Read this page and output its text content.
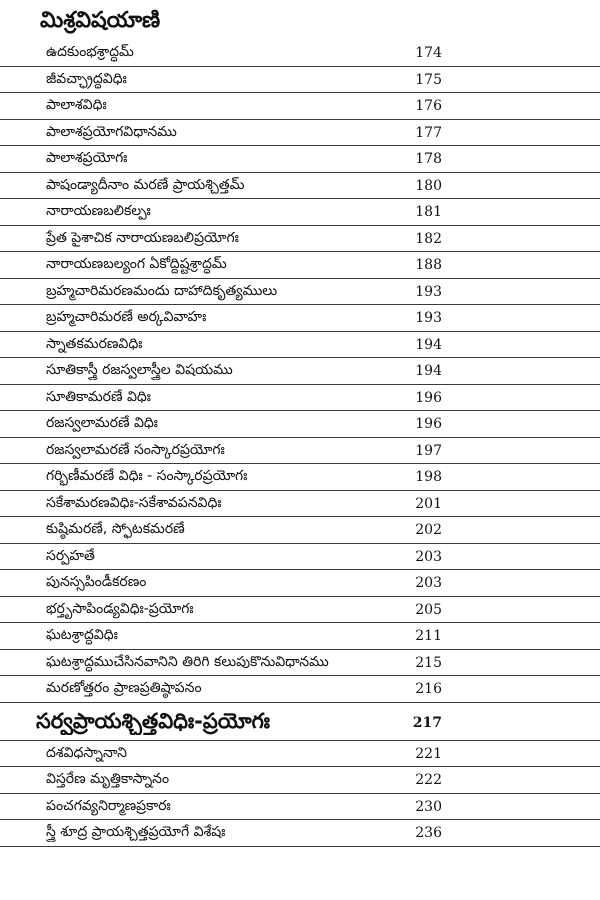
మిశ్రవిషయాణి
ఉదకుంభశ్రాద్ధమ్	174
జీవచ్ఛ్రాద్ధవిధిః	175
పాలాశవిధిః	176
పాలాశప్రయోగవిధానము	177
పాలాశప్రయోగః	178
పాషండ్యాదీనాం మరణే ప్రాయశ్చిత్తమ్	180
నారాయణబలికల్పః	181
ప్రేత పైశాచిక నారాయణబలిప్రయోగః	182
నారాయణబల్యంగ ఏకోద్దిష్టశ్రాద్ధమ్	188
బ్రహ్మచారిమరణమందు దాహాదికృత్యములు	193
బ్రహ్మచారిమరణే అర్కవివాహః	193
స్నాతకమరణవిధిః	194
సూతికాస్త్రీ రజస్వలాస్త్రీల విషయము	194
సూతికామరణే విధిః	196
రజస్వలామరణే విధిః	196
రజస్వలామరణే సంస్కారప్రయోగః	197
గర్భిణీమరణే విధిః - సంస్కారప్రయోగః	198
సకేశామరణవిధిః-సకేశావపనవిధిః	201
కుష్ఠిమరణే, స్ఫోటకమరణే	202
సర్పహతే	203
పునస్సపిండీకరణం	203
భర్తృసాపిండ్యవిధిః-ప్రయోగః	205
ఘటశ్రాద్ధవిధిః	211
ఘటశ్రాద్ధముచేసినవానిని తిరిగి కలుపుకొనువిధానము	215
మరణోత్తరం ప్రాణప్రతిష్ఠాపనం	216
సర్వప్రాయశ్చిత్తవిధిః-ప్రయోగః	217
దశవిధస్నానాని	221
విస్తరేణ మృత్తికాస్నానం	222
పంచగవ్యనిర్మాణప్రకారః	230
స్త్రీ శూద్ర ప్రాయశ్చిత్తప్రయోగే విశేషః	236
